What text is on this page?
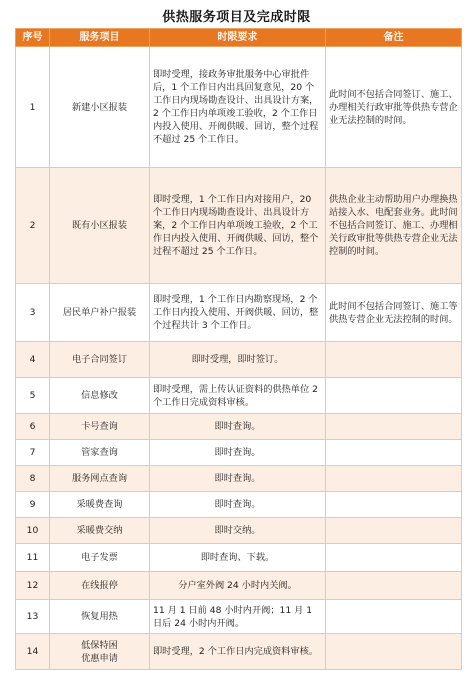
供热服务项目及完成时限
序号	服务项目	时限要求	备注
1	新建小区报装	即时受理，接政务审批服务中心审批件后，1 个工作日内出具回复意见，20 个工作日内现场勘查设计、出具设计方案，2 个工作日内单项竣工验收，2 个工作日内投入使用、开阀供暖、回访，整个过程不超过 25 个工作日。	此时间不包括合同签订、施工、办理相关行政审批等供热专营企业无法控制的时间。
2	既有小区报装	即时受理，1 个工作日内对接用户，20 个工作日内现场勘查设计、出具设计方案，2 个工作日内单项竣工验收，2 个工作日内投入使用、开阀供暖、回访，整个过程不超过 25 个工作日。	供热企业主动帮助用户办理换热站接入水、电配套业务。此时间不包括合同签订、施工、办理相关行政审批等供热专营企业无法控制的时间。
3	居民单户补户报装	即时受理，1 个工作日内勘察现场，2 个工作日内投入使用、开阀供暖、回访，整个过程共计 3 个工作日。	此时间不包括合同签订、施工等供热专营企业无法控制的时间。
4	电子合同签订	即时受理，即时签订。	
5	信息修改	即时受理，需上传认证资料的供热单位 2 个工作日完成资料审核。	
6	卡号查询	即时查询。	
7	管家查询	即时查询。	
8	服务网点查询	即时查询。	
9	采暖费查询	即时查询。	
10	采暖费交纳	即时交纳。	
11	电子发票	即时查询、下载。	
12	在线报停	分户室外阀 24 小时内关阀。	
13	恢复用热	11 月 1 日前 48 小时内开阀；11 月 1 日后 24 小时内开阀。	
14	低保特困
优惠申请	即时受理，2 个工作日内完成资料审核。	
